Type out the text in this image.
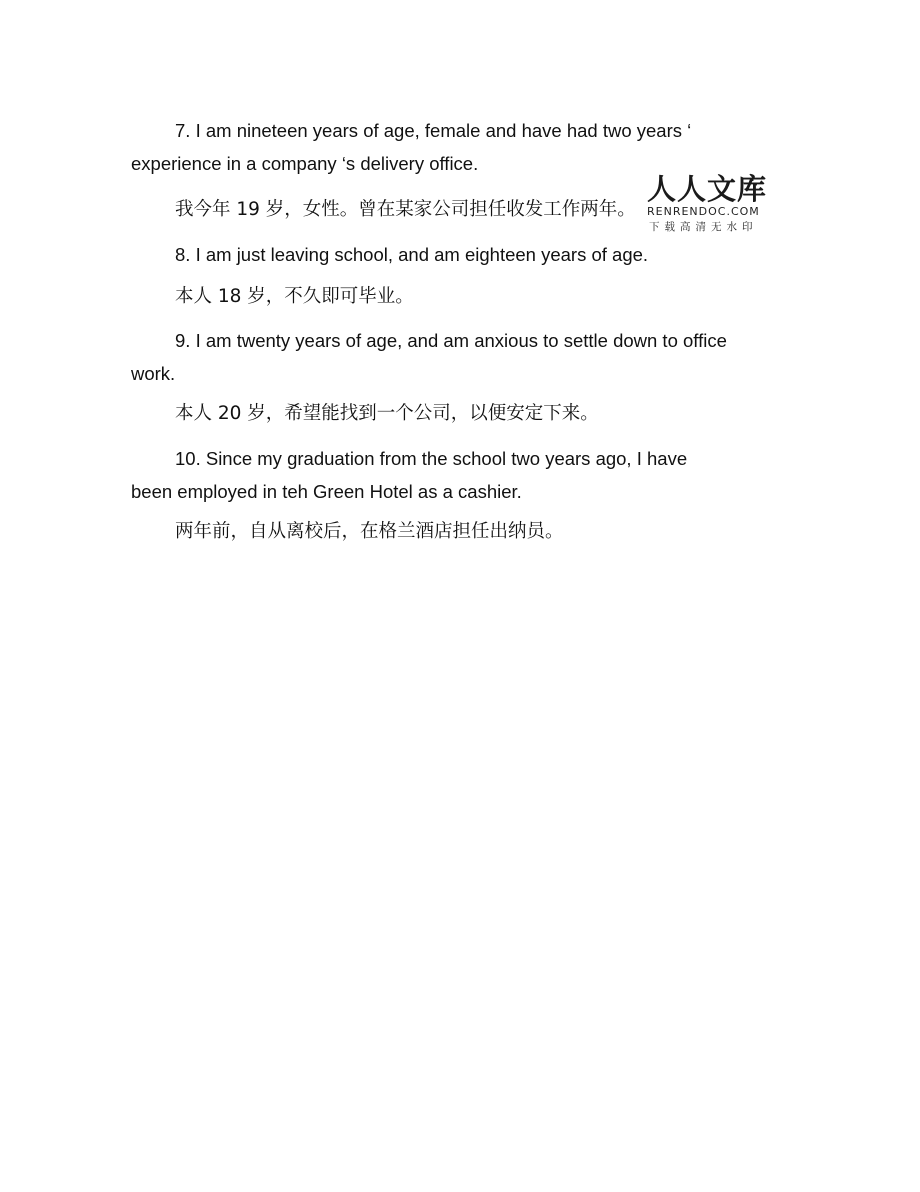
7. I am nineteen years of age, female and have had two years ‘ experience in a company ‘s delivery office.

我今年 19 岁，女性。曾在某家公司担任收发工作两年。

8. I am just leaving school, and am eighteen years of age.

本人 18 岁，不久即可毕业。

9. I am twenty years of age, and am anxious to settle down to office work.

本人 20 岁，希望能找到一个公司，以便安定下来。

10. Since my graduation from the school two years ago, I have been employed in teh Green Hotel as a cashier.

两年前，自从离校后，在格兰酒店担任出纳员。
人人文库
RENRENDOC.COM
下载高清无水印
